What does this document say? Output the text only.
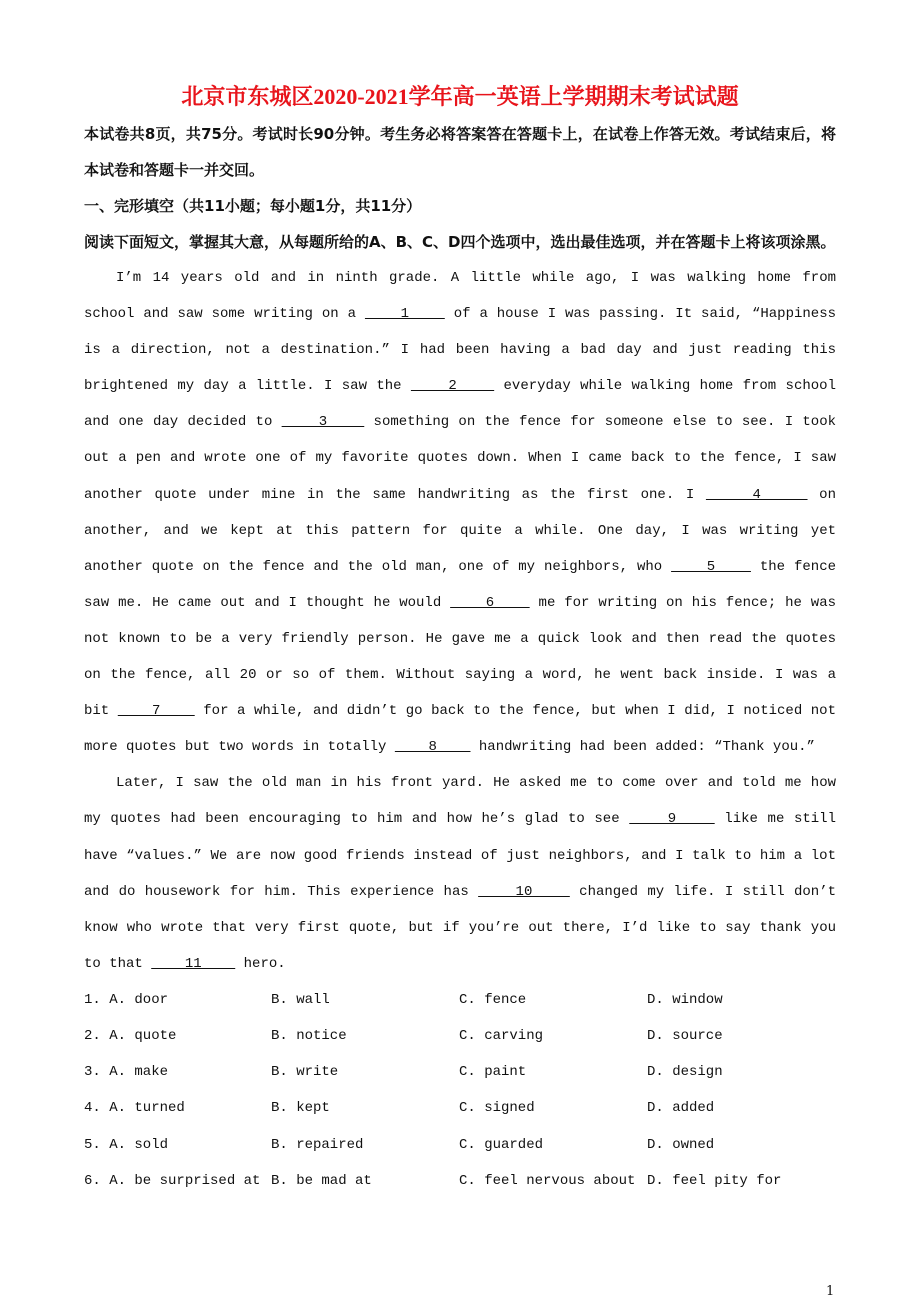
北京市东城区2020-2021学年高一英语上学期期末考试试题
本试卷共8页，共75分。考试时长90分钟。考生务必将答案答在答题卡上，在试卷上作答无效。考试结束后，将本试卷和答题卡一并交回。
一、完形填空（共11小题；每小题1分，共11分）
阅读下面短文，掌握其大意，从每题所给的A、B、C、D四个选项中，选出最佳选项，并在答题卡上将该项涂黑。

I’m 14 years old and in ninth grade. A little while ago, I was walking home from school and saw some writing on a     1     of a house I was passing. It said, “Happiness is a direction, not a destination.” I had been having a bad day and just reading this brightened my day a little. I saw the     2     everyday while walking home from school and one day decided to     3     something on the fence for someone else to see. I took out a pen and wrote one of my favorite quotes down. When I came back to the fence, I saw another quote under mine in the same handwriting as the first one. I     4     on another, and we kept at this pattern for quite a while. One day, I was writing yet another quote on the fence and the old man, one of my neighbors, who     5     the fence saw me. He came out and I thought he would     6     me for writing on his fence; he was not known to be a very friendly person. He gave me a quick look and then read the quotes on the fence, all 20 or so of them. Without saying a word, he went back inside. I was a bit     7     for a while, and didn’t go back to the fence, but when I did, I noticed not more quotes but two words in totally     8     handwriting had been added: “Thank you.”

Later, I saw the old man in his front yard. He asked me to come over and told me how my quotes had been encouraging to him and how he’s glad to see     9     like me still have “values.” We are now good friends instead of just neighbors, and I talk to him a lot and do housework for him. This experience has     10     changed my life. I still don’t know who wrote that very first quote, but if you’re out there, I’d like to say thank you to that     11     hero.

1. A. door	B. wall	C. fence	D. window
2. A. quote	B. notice	C. carving	D. source
3. A. make	B. write	C. paint	D. design
4. A. turned	B. kept	C. signed	D. added
5. A. sold	B. repaired	C. guarded	D. owned
6. A. be surprised at B. be mad at	C. feel nervous about D. feel pity for
1
